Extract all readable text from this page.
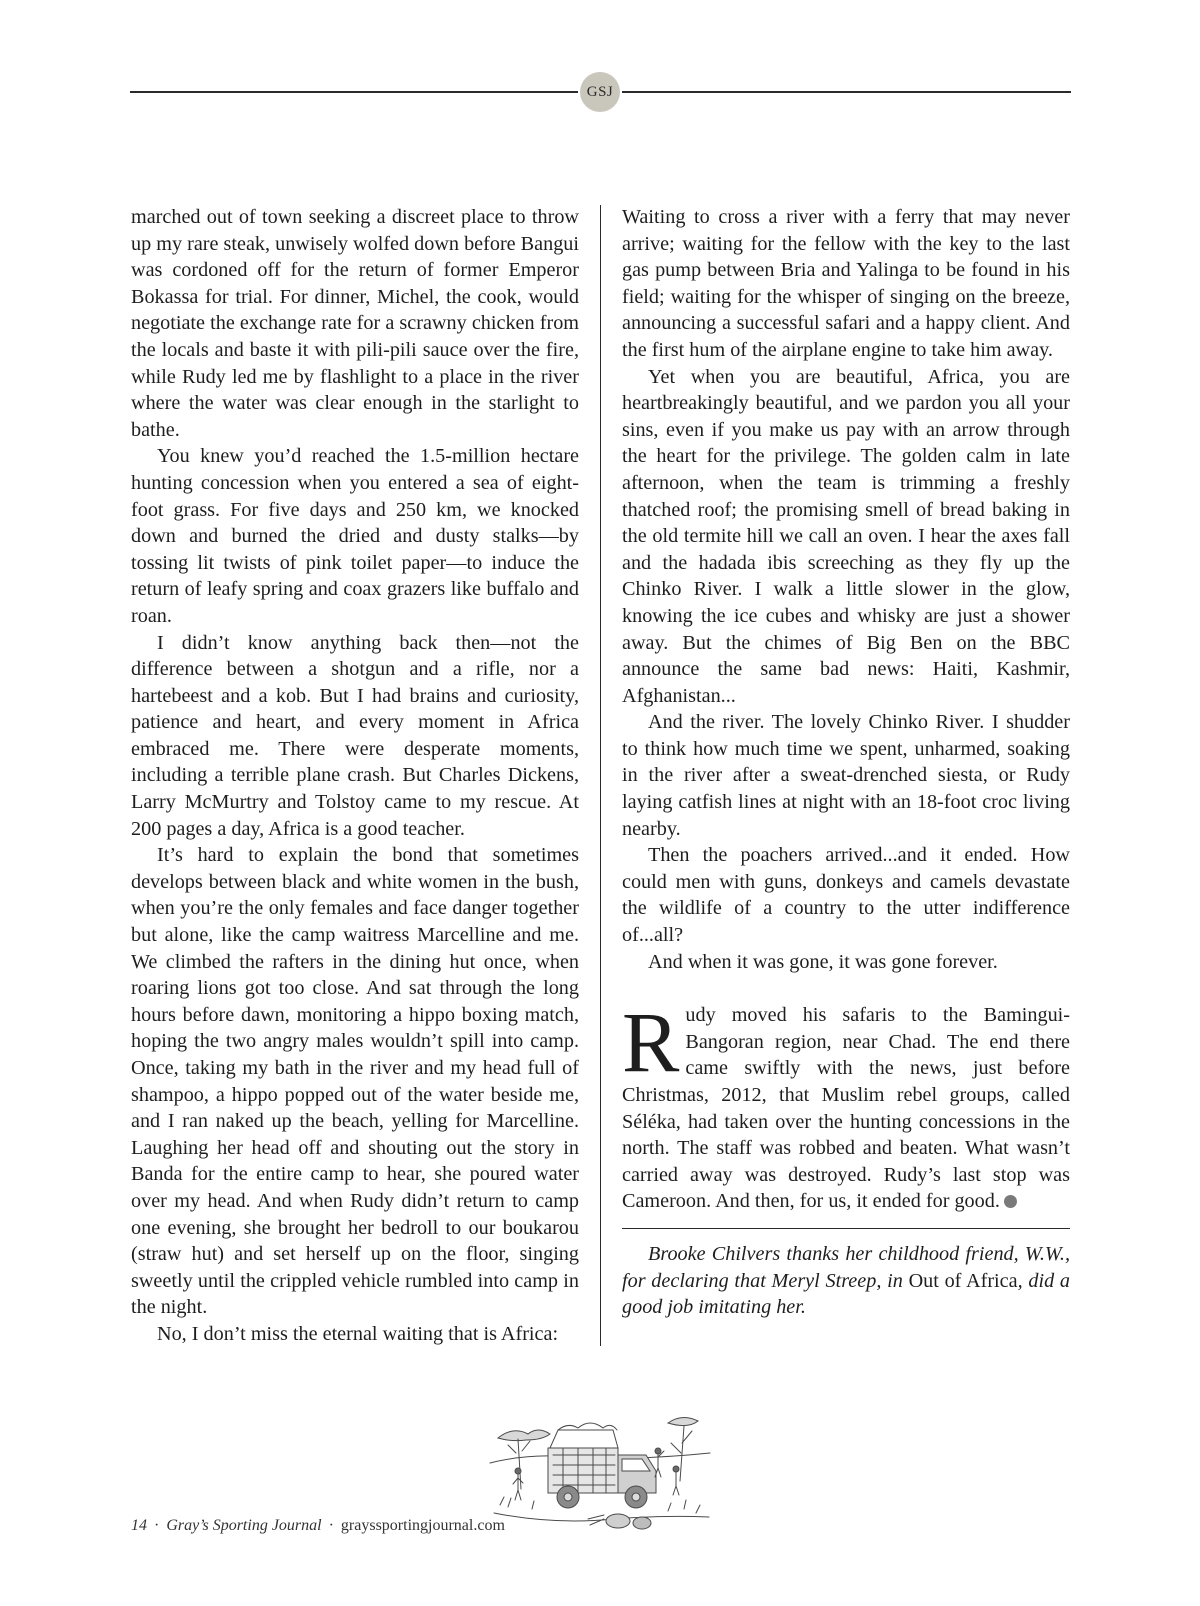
GSJ

marched out of town seeking a discreet place to throw up my rare steak, unwisely wolfed down before Bangui was cordoned off for the return of former Emperor Bokassa for trial. For dinner, Michel, the cook, would negotiate the exchange rate for a scrawny chicken from the locals and baste it with pili-pili sauce over the fire, while Rudy led me by flashlight to a place in the river where the water was clear enough in the starlight to bathe.

You knew you’d reached the 1.5-million hectare hunting concession when you entered a sea of eight-foot grass. For five days and 250 km, we knocked down and burned the dried and dusty stalks—by tossing lit twists of pink toilet paper—to induce the return of leafy spring and coax grazers like buffalo and roan.

I didn’t know anything back then—not the difference between a shotgun and a rifle, nor a hartebeest and a kob. But I had brains and curiosity, patience and heart, and every moment in Africa embraced me. There were desperate moments, including a terrible plane crash. But Charles Dickens, Larry McMurtry and Tolstoy came to my rescue. At 200 pages a day, Africa is a good teacher.

It’s hard to explain the bond that sometimes develops between black and white women in the bush, when you’re the only females and face danger together but alone, like the camp waitress Marcelline and me. We climbed the rafters in the dining hut once, when roaring lions got too close. And sat through the long hours before dawn, monitoring a hippo boxing match, hoping the two angry males wouldn’t spill into camp. Once, taking my bath in the river and my head full of shampoo, a hippo popped out of the water beside me, and I ran naked up the beach, yelling for Marcelline. Laughing her head off and shouting out the story in Banda for the entire camp to hear, she poured water over my head. And when Rudy didn’t return to camp one evening, she brought her bedroll to our boukarou (straw hut) and set herself up on the floor, singing sweetly until the crippled vehicle rumbled into camp in the night.

No, I don’t miss the eternal waiting that is Africa:

Waiting to cross a river with a ferry that may never arrive; waiting for the fellow with the key to the last gas pump between Bria and Yalinga to be found in his field; waiting for the whisper of singing on the breeze, announcing a successful safari and a happy client. And the first hum of the airplane engine to take him away.

Yet when you are beautiful, Africa, you are heartbreakingly beautiful, and we pardon you all your sins, even if you make us pay with an arrow through the heart for the privilege. The golden calm in late afternoon, when the team is trimming a freshly thatched roof; the promising smell of bread baking in the old termite hill we call an oven. I hear the axes fall and the hadada ibis screeching as they fly up the Chinko River. I walk a little slower in the glow, knowing the ice cubes and whisky are just a shower away. But the chimes of Big Ben on the BBC announce the same bad news: Haiti, Kashmir, Afghanistan...

And the river. The lovely Chinko River. I shudder to think how much time we spent, unharmed, soaking in the river after a sweat-drenched siesta, or Rudy laying catfish lines at night with an 18-foot croc living nearby.

Then the poachers arrived...and it ended. How could men with guns, donkeys and camels devastate the wildlife of a country to the utter indifference of...all?

And when it was gone, it was gone forever.

Rudy moved his safaris to the Bamingui-Bangoran region, near Chad. The end there came swiftly with the news, just before Christmas, 2012, that Muslim rebel groups, called Séléka, had taken over the hunting concessions in the north. The staff was robbed and beaten. What wasn’t carried away was destroyed. Rudy’s last stop was Cameroon. And then, for us, it ended for good.

Brooke Chilvers thanks her childhood friend, W.W., for declaring that Meryl Streep, in Out of Africa, did a good job imitating her.

14 · Gray’s Sporting Journal · grayssportingjournal.com
